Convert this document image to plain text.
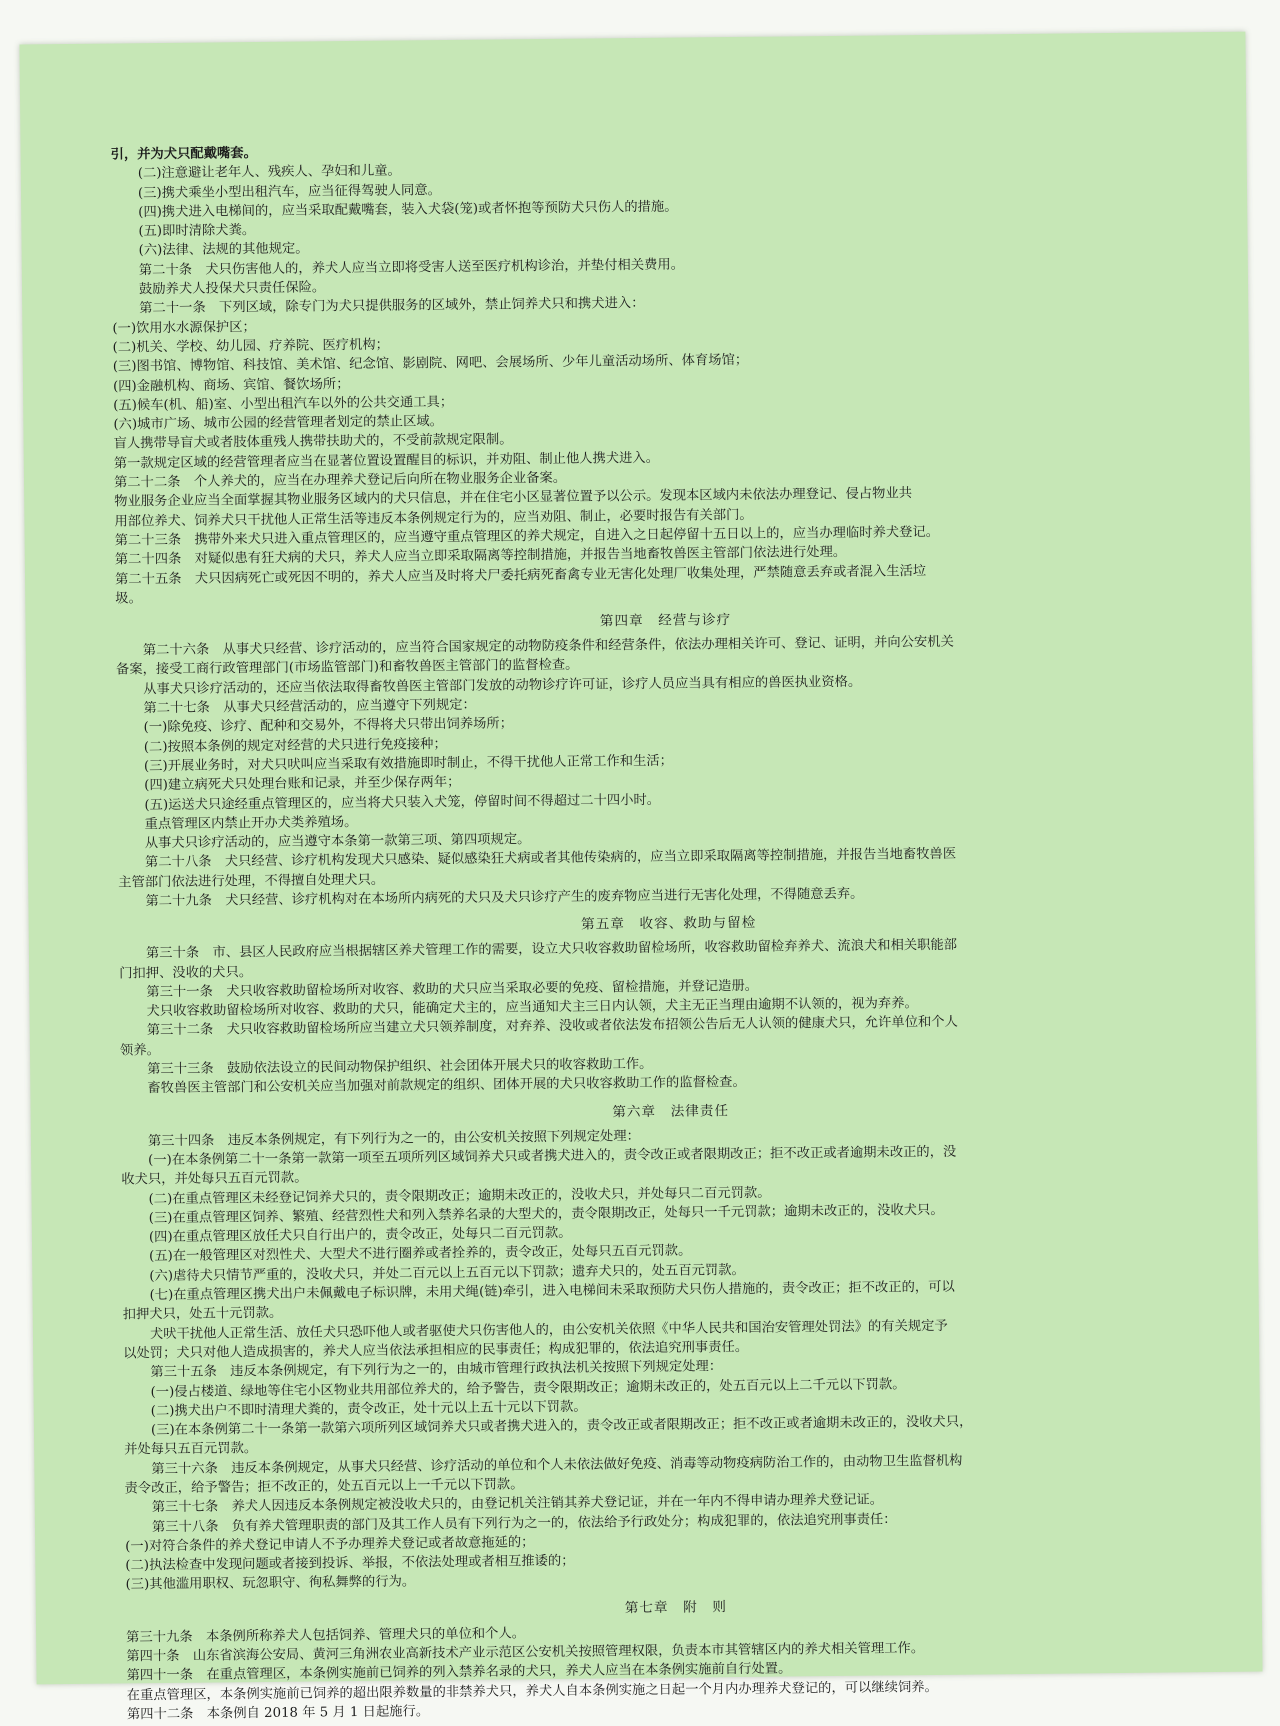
引，并为犬只配戴嘴套。

(二)注意避让老年人、残疾人、孕妇和儿童。

(三)携犬乘坐小型出租汽车，应当征得驾驶人同意。

(四)携犬进入电梯间的，应当采取配戴嘴套，装入犬袋(笼)或者怀抱等预防犬只伤人的措施。

(五)即时清除犬粪。

(六)法律、法规的其他规定。

第二十条　犬只伤害他人的，养犬人应当立即将受害人送至医疗机构诊治，并垫付相关费用。

鼓励养犬人投保犬只责任保险。

第二十一条　下列区域，除专门为犬只提供服务的区域外，禁止饲养犬只和携犬进入：

(一)饮用水水源保护区；

(二)机关、学校、幼儿园、疗养院、医疗机构；

(三)图书馆、博物馆、科技馆、美术馆、纪念馆、影剧院、网吧、会展场所、少年儿童活动场所、体育场馆；

(四)金融机构、商场、宾馆、餐饮场所；

(五)候车(机、船)室、小型出租汽车以外的公共交通工具；

(六)城市广场、城市公园的经营管理者划定的禁止区域。

盲人携带导盲犬或者肢体重残人携带扶助犬的，不受前款规定限制。

第一款规定区域的经营管理者应当在显著位置设置醒目的标识，并劝阻、制止他人携犬进入。

第二十二条　个人养犬的，应当在办理养犬登记后向所在物业服务企业备案。

物业服务企业应当全面掌握其物业服务区域内的犬只信息，并在住宅小区显著位置予以公示。发现本区域内未依法办理登记、侵占物业共

用部位养犬、饲养犬只干扰他人正常生活等违反本条例规定行为的，应当劝阻、制止，必要时报告有关部门。

第二十三条　携带外来犬只进入重点管理区的，应当遵守重点管理区的养犬规定，自进入之日起停留十五日以上的，应当办理临时养犬登记。

第二十四条　对疑似患有狂犬病的犬只，养犬人应当立即采取隔离等控制措施，并报告当地畜牧兽医主管部门依法进行处理。

第二十五条　犬只因病死亡或死因不明的，养犬人应当及时将犬尸委托病死畜禽专业无害化处理厂收集处理，严禁随意丢弃或者混入生活垃

圾。

第四章　经营与诊疗

第二十六条　从事犬只经营、诊疗活动的，应当符合国家规定的动物防疫条件和经营条件，依法办理相关许可、登记、证明，并向公安机关

备案，接受工商行政管理部门(市场监管部门)和畜牧兽医主管部门的监督检查。

从事犬只诊疗活动的，还应当依法取得畜牧兽医主管部门发放的动物诊疗许可证，诊疗人员应当具有相应的兽医执业资格。

第二十七条　从事犬只经营活动的，应当遵守下列规定：

(一)除免疫、诊疗、配种和交易外，不得将犬只带出饲养场所；

(二)按照本条例的规定对经营的犬只进行免疫接种；

(三)开展业务时，对犬只吠叫应当采取有效措施即时制止，不得干扰他人正常工作和生活；

(四)建立病死犬只处理台账和记录，并至少保存两年；

(五)运送犬只途经重点管理区的，应当将犬只装入犬笼，停留时间不得超过二十四小时。

重点管理区内禁止开办犬类养殖场。

从事犬只诊疗活动的，应当遵守本条第一款第三项、第四项规定。

第二十八条　犬只经营、诊疗机构发现犬只感染、疑似感染狂犬病或者其他传染病的，应当立即采取隔离等控制措施，并报告当地畜牧兽医

主管部门依法进行处理，不得擅自处理犬只。

第二十九条　犬只经营、诊疗机构对在本场所内病死的犬只及犬只诊疗产生的废弃物应当进行无害化处理，不得随意丢弃。

第五章　收容、救助与留检

第三十条　市、县区人民政府应当根据辖区养犬管理工作的需要，设立犬只收容救助留检场所，收容救助留检弃养犬、流浪犬和相关职能部

门扣押、没收的犬只。

第三十一条　犬只收容救助留检场所对收容、救助的犬只应当采取必要的免疫、留检措施，并登记造册。

犬只收容救助留检场所对收容、救助的犬只，能确定犬主的，应当通知犬主三日内认领，犬主无正当理由逾期不认领的，视为弃养。

第三十二条　犬只收容救助留检场所应当建立犬只领养制度，对弃养、没收或者依法发布招领公告后无人认领的健康犬只，允许单位和个人

领养。

第三十三条　鼓励依法设立的民间动物保护组织、社会团体开展犬只的收容救助工作。

畜牧兽医主管部门和公安机关应当加强对前款规定的组织、团体开展的犬只收容救助工作的监督检查。

第六章　法律责任

第三十四条　违反本条例规定，有下列行为之一的，由公安机关按照下列规定处理：

(一)在本条例第二十一条第一款第一项至五项所列区域饲养犬只或者携犬进入的，责令改正或者限期改正；拒不改正或者逾期未改正的，没

收犬只，并处每只五百元罚款。

(二)在重点管理区未经登记饲养犬只的，责令限期改正；逾期未改正的，没收犬只，并处每只二百元罚款。

(三)在重点管理区饲养、繁殖、经营烈性犬和列入禁养名录的大型犬的，责令限期改正，处每只一千元罚款；逾期未改正的，没收犬只。

(四)在重点管理区放任犬只自行出户的，责令改正，处每只二百元罚款。

(五)在一般管理区对烈性犬、大型犬不进行圈养或者拴养的，责令改正，处每只五百元罚款。

(六)虐待犬只情节严重的，没收犬只，并处二百元以上五百元以下罚款；遗弃犬只的，处五百元罚款。

(七)在重点管理区携犬出户未佩戴电子标识牌，未用犬绳(链)牵引，进入电梯间未采取预防犬只伤人措施的，责令改正；拒不改正的，可以

扣押犬只，处五十元罚款。

犬吠干扰他人正常生活、放任犬只恐吓他人或者驱使犬只伤害他人的，由公安机关依照《中华人民共和国治安管理处罚法》的有关规定予

以处罚；犬只对他人造成损害的，养犬人应当依法承担相应的民事责任；构成犯罪的，依法追究刑事责任。

第三十五条　违反本条例规定，有下列行为之一的，由城市管理行政执法机关按照下列规定处理：

(一)侵占楼道、绿地等住宅小区物业共用部位养犬的，给予警告，责令限期改正；逾期未改正的，处五百元以上二千元以下罚款。

(二)携犬出户不即时清理犬粪的，责令改正，处十元以上五十元以下罚款。

(三)在本条例第二十一条第一款第六项所列区域饲养犬只或者携犬进入的，责令改正或者限期改正；拒不改正或者逾期未改正的，没收犬只，

并处每只五百元罚款。

第三十六条　违反本条例规定，从事犬只经营、诊疗活动的单位和个人未依法做好免疫、消毒等动物疫病防治工作的，由动物卫生监督机构

责令改正，给予警告；拒不改正的，处五百元以上一千元以下罚款。

第三十七条　养犬人因违反本条例规定被没收犬只的，由登记机关注销其养犬登记证，并在一年内不得申请办理养犬登记证。

第三十八条　负有养犬管理职责的部门及其工作人员有下列行为之一的，依法给予行政处分；构成犯罪的，依法追究刑事责任：

(一)对符合条件的养犬登记申请人不予办理养犬登记或者故意拖延的；

(二)执法检查中发现问题或者接到投诉、举报，不依法处理或者相互推诿的；

(三)其他滥用职权、玩忽职守、徇私舞弊的行为。

第七章　附　则

第三十九条　本条例所称养犬人包括饲养、管理犬只的单位和个人。

第四十条　山东省滨海公安局、黄河三角洲农业高新技术产业示范区公安机关按照管理权限，负责本市其管辖区内的养犬相关管理工作。

第四十一条　在重点管理区，本条例实施前已饲养的列入禁养名录的犬只，养犬人应当在本条例实施前自行处置。

在重点管理区，本条例实施前已饲养的超出限养数量的非禁养犬只，养犬人自本条例实施之日起一个月内办理养犬登记的，可以继续饲养。

第四十二条　本条例自 2018 年 5 月 1 日起施行。
